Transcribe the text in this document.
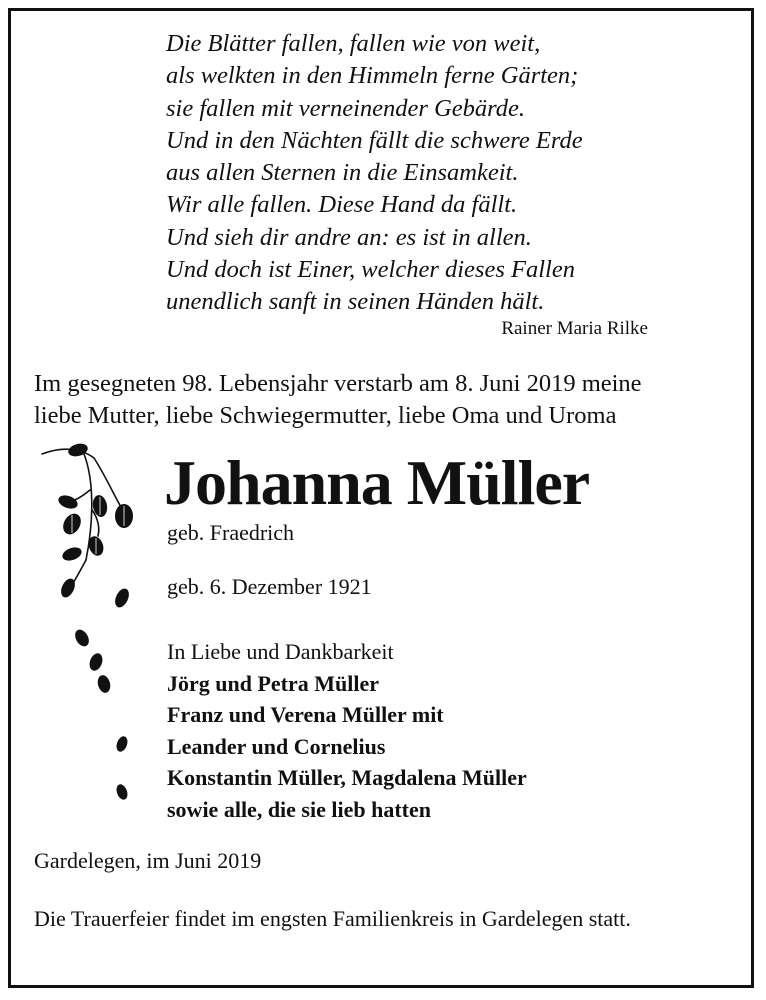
Die Blätter fallen, fallen wie von weit,
als welkten in den Himmeln ferne Gärten;
sie fallen mit verneinender Gebärde.
Und in den Nächten fällt die schwere Erde
aus allen Sternen in die Einsamkeit.
Wir alle fallen. Diese Hand da fällt.
Und sieh dir andre an: es ist in allen.
Und doch ist Einer, welcher dieses Fallen
unendlich sanft in seinen Händen hält.
Rainer Maria Rilke
Im gesegneten 98. Lebensjahr verstarb am 8. Juni 2019 meine
liebe Mutter, liebe Schwiegermutter, liebe Oma und Uroma
Johanna Müller
geb. Fraedrich
geb. 6. Dezember 1921
In Liebe und Dankbarkeit
Jörg und Petra Müller
Franz und Verena Müller mit
Leander und Cornelius
Konstantin Müller, Magdalena Müller
sowie alle, die sie lieb hatten
Gardelegen, im Juni 2019
Die Trauerfeier findet im engsten Familienkreis in Gardelegen statt.
